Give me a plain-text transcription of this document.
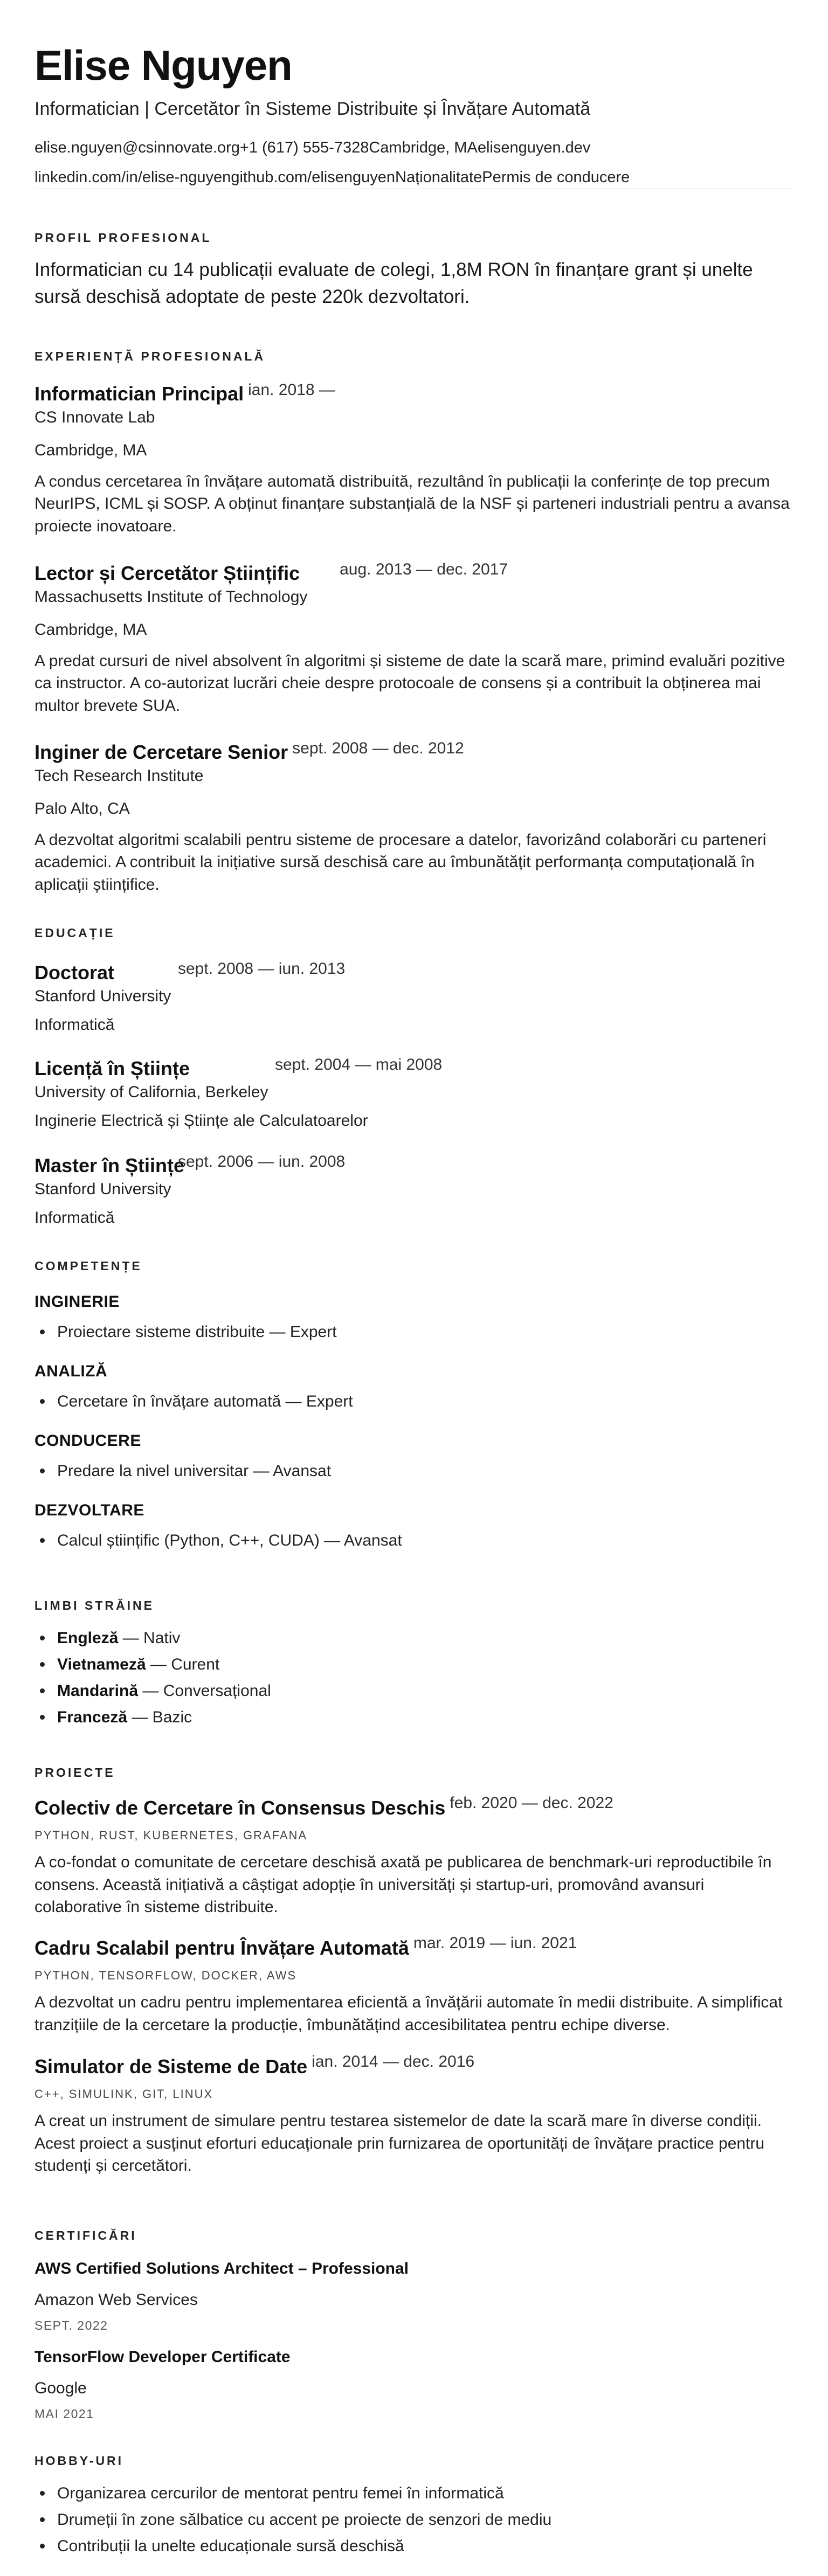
Elise Nguyen
Informatician | Cercetător în Sisteme Distribuite și Învățare Automată
elise.nguyen@csinnovate.org+1 (617) 555-7328Cambridge, MAelisenguyen.dev
linkedin.com/in/elise-nguyengithub.com/elisenguyenNaționalitatePermis de conducere
PROFIL PROFESIONAL
Informatician cu 14 publicații evaluate de colegi, 1,8M RON în finanțare grant și unelte sursă deschisă adoptate de peste 220k dezvoltatori.
EXPERIENȚĂ PROFESIONALĂ
Informatician Principal ian. 2018 —
CS Innovate Lab
Cambridge, MA
A condus cercetarea în învățare automată distribuită, rezultând în publicații la conferințe de top precum NeurIPS, ICML și SOSP. A obținut finanțare substanțială de la NSF și parteneri industriali pentru a avansa proiecte inovatoare.
Lector și Cercetător Științific aug. 2013 — dec. 2017
Massachusetts Institute of Technology
Cambridge, MA
A predat cursuri de nivel absolvent în algoritmi și sisteme de date la scară mare, primind evaluări pozitive ca instructor. A co-autorizat lucrări cheie despre protocoale de consens și a contribuit la obținerea mai multor brevete SUA.
Inginer de Cercetare Senior sept. 2008 — dec. 2012
Tech Research Institute
Palo Alto, CA
A dezvoltat algoritmi scalabili pentru sisteme de procesare a datelor, favorizând colaborări cu parteneri academici. A contribuit la inițiative sursă deschisă care au îmbunătățit performanța computațională în aplicații științifice.
EDUCAȚIE
Doctorat	sept. 2008 — iun. 2013
Stanford University
Informatică
Licență în Științe	sept. 2004 — mai 2008
University of California, Berkeley
Inginerie Electrică și Științe ale Calculatoarelor
Master în Științe
sept. 2006 — iun. 2008
Stanford University
Informatică
COMPETENȚE
INGINERIE
Proiectare sisteme distribuite — Expert
ANALIZĂ
Cercetare în învățare automată — Expert
CONDUCERE
Predare la nivel universitar — Avansat
DEZVOLTARE
Calcul științific (Python, C++, CUDA) — Avansat
LIMBI STRĂINE
Engleză — Nativ
Vietnameză — Curent
Mandarină — Conversațional
Franceză — Bazic
PROIECTE
Colectiv de Cercetare în Consensus Deschis feb. 2020 — dec. 2022
PYTHON, RUST, KUBERNETES, GRAFANA
A co-fondat o comunitate de cercetare deschisă axată pe publicarea de benchmark-uri reproductibile în consens. Această inițiativă a câștigat adopție în universități și startup-uri, promovând avansuri colaborative în sisteme distribuite.
Cadru Scalabil pentru Învățare Automată mar. 2019 — iun. 2021
PYTHON, TENSORFLOW, DOCKER, AWS
A dezvoltat un cadru pentru implementarea eficientă a învățării automate în medii distribuite. A simplificat tranzițiile de la cercetare la producție, îmbunătățind accesibilitatea pentru echipe diverse.
Simulator de Sisteme de Date ian. 2014 — dec. 2016
C++, SIMULINK, GIT, LINUX
A creat un instrument de simulare pentru testarea sistemelor de date la scară mare în diverse condiții. Acest proiect a susținut eforturi educaționale prin furnizarea de oportunități de învățare practice pentru studenți și cercetători.
CERTIFICĂRI
AWS Certified Solutions Architect – Professional
Amazon Web Services
SEPT. 2022
TensorFlow Developer Certificate
Google
MAI 2021
HOBBY-URI
Organizarea cercurilor de mentorat pentru femei în informatică
Drumeții în zone sălbatice cu accent pe proiecte de senzori de mediu
Contribuții la unelte educaționale sursă deschisă
